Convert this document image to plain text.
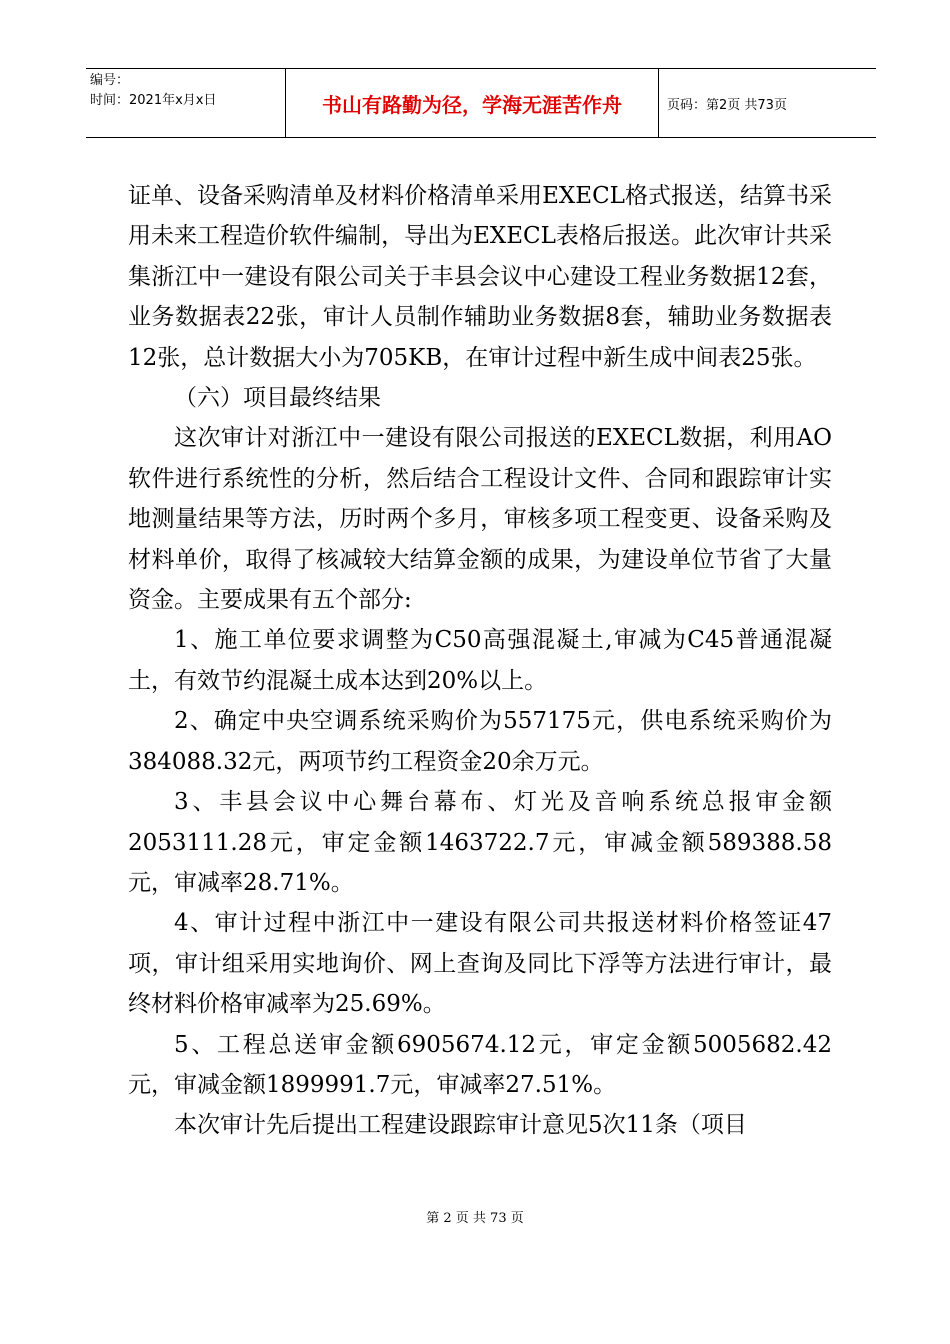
编号：
时间：2021年x月x日	书山有路勤为径，学海无涯苦作舟	页码：第2页 共73页

证单、设备采购清单及材料价格清单采用EXECL格式报送，结算书采用未来工程造价软件编制，导出为EXECL表格后报送。此次审计共采集浙江中一建设有限公司关于丰县会议中心建设工程业务数据12套，业务数据表22张，审计人员制作辅助业务数据8套，辅助业务数据表12张，总计数据大小为705KB，在审计过程中新生成中间表25张。

（六）项目最终结果

这次审计对浙江中一建设有限公司报送的EXECL数据，利用AO软件进行系统性的分析，然后结合工程设计文件、合同和跟踪审计实地测量结果等方法，历时两个多月，审核多项工程变更、设备采购及材料单价，取得了核减较大结算金额的成果，为建设单位节省了大量资金。主要成果有五个部分:

1、施工单位要求调整为C50高强混凝土,审减为C45普通混凝土，有效节约混凝土成本达到20%以上。

2、确定中央空调系统采购价为557175元，供电系统采购价为384088.32元，两项节约工程资金20余万元。

3、丰县会议中心舞台幕布、灯光及音响系统总报审金额2053111.28元，审定金额1463722.7元，审减金额589388.58元，审减率28.71%。

4、审计过程中浙江中一建设有限公司共报送材料价格签证47项，审计组采用实地询价、网上查询及同比下浮等方法进行审计，最终材料价格审减率为25.69%。

5、工程总送审金额6905674.12元，审定金额5005682.42元，审减金额1899991.7元，审减率27.51%。

本次审计先后提出工程建设跟踪审计意见5次11条（项目

第 2 页 共 73 页
